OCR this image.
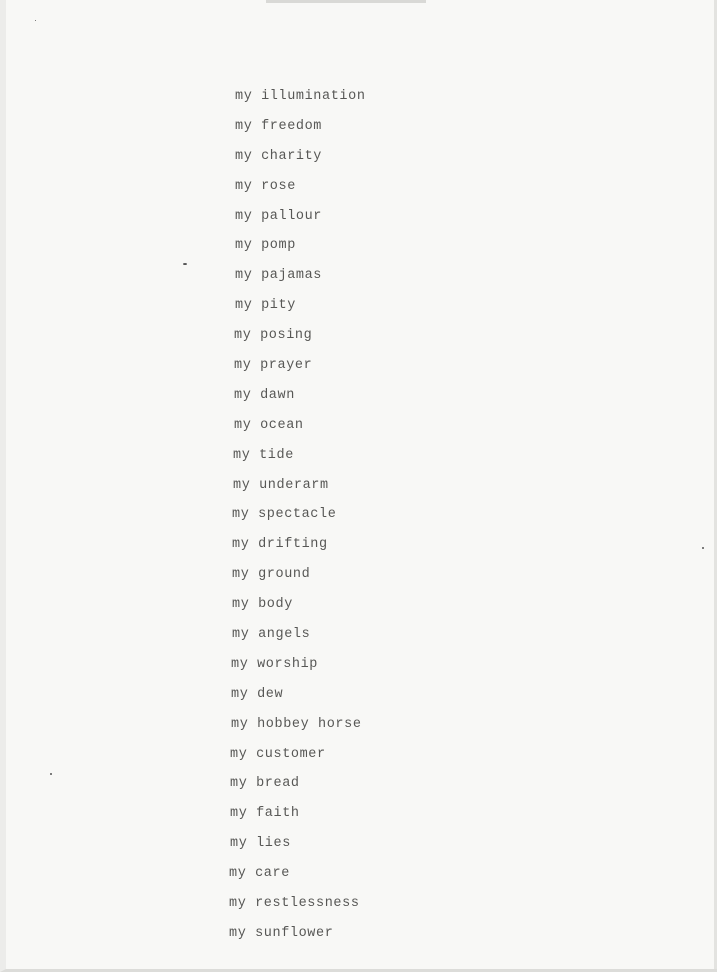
my illumination
my freedom
my charity
my rose
my pallour
my pomp
my pajamas
my pity
my posing
my prayer
my dawn
my ocean
my tide
my underarm
my spectacle
my drifting
my ground
my body
my angels
my worship
my dew
my hobbey horse
my customer
my bread
my faith
my lies
my care
my restlessness
my sunflower
